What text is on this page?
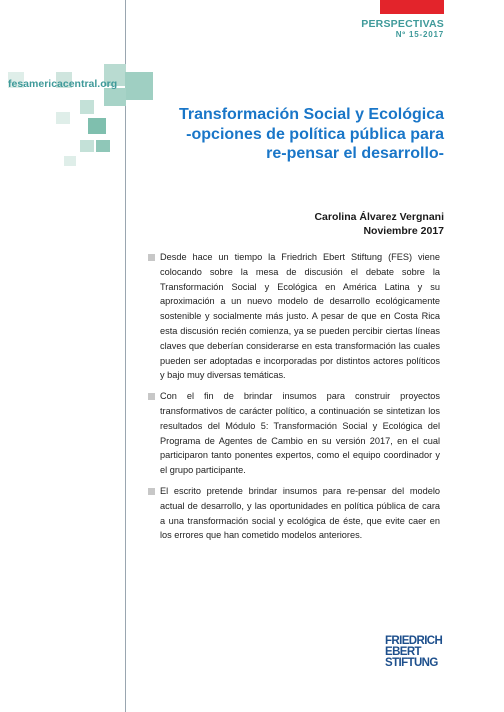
PERSPECTIVAS
Nº 15-2017
fesamericacentral.org
Transformación Social y Ecológica
-opciones de política pública para
re-pensar el desarrollo-
Carolina Álvarez Vergnani
Noviembre 2017
Desde hace un tiempo la Friedrich Ebert Stiftung (FES) viene colocando sobre la mesa de discusión el debate sobre la Transformación Social y Ecológica en América Latina y su aproximación a un nuevo modelo de desarrollo ecológicamente sostenible y socialmente más justo. A pesar de que en Costa Rica esta discusión recién comienza, ya se pueden percibir ciertas líneas claves que deberían considerarse en esta transformación las cuales pueden ser adoptadas e incorporadas por distintos actores políticos y bajo muy diversas temáticas.
Con el fin de brindar insumos para construir proyectos transformativos de carácter político, a continuación se sintetizan los resultados del Módulo 5: Transformación Social y Ecológica del Programa de Agentes de Cambio en su versión 2017, en el cual participaron tanto ponentes expertos, como el equipo coordinador y el grupo participante.
El escrito pretende brindar insumos para re-pensar del modelo actual de desarrollo, y las oportunidades en política pública de cara a una transformación social y ecológica de éste, que evite caer en los errores que han cometido modelos anteriores.
FRIEDRICH
EBERT
STIFTUNG
